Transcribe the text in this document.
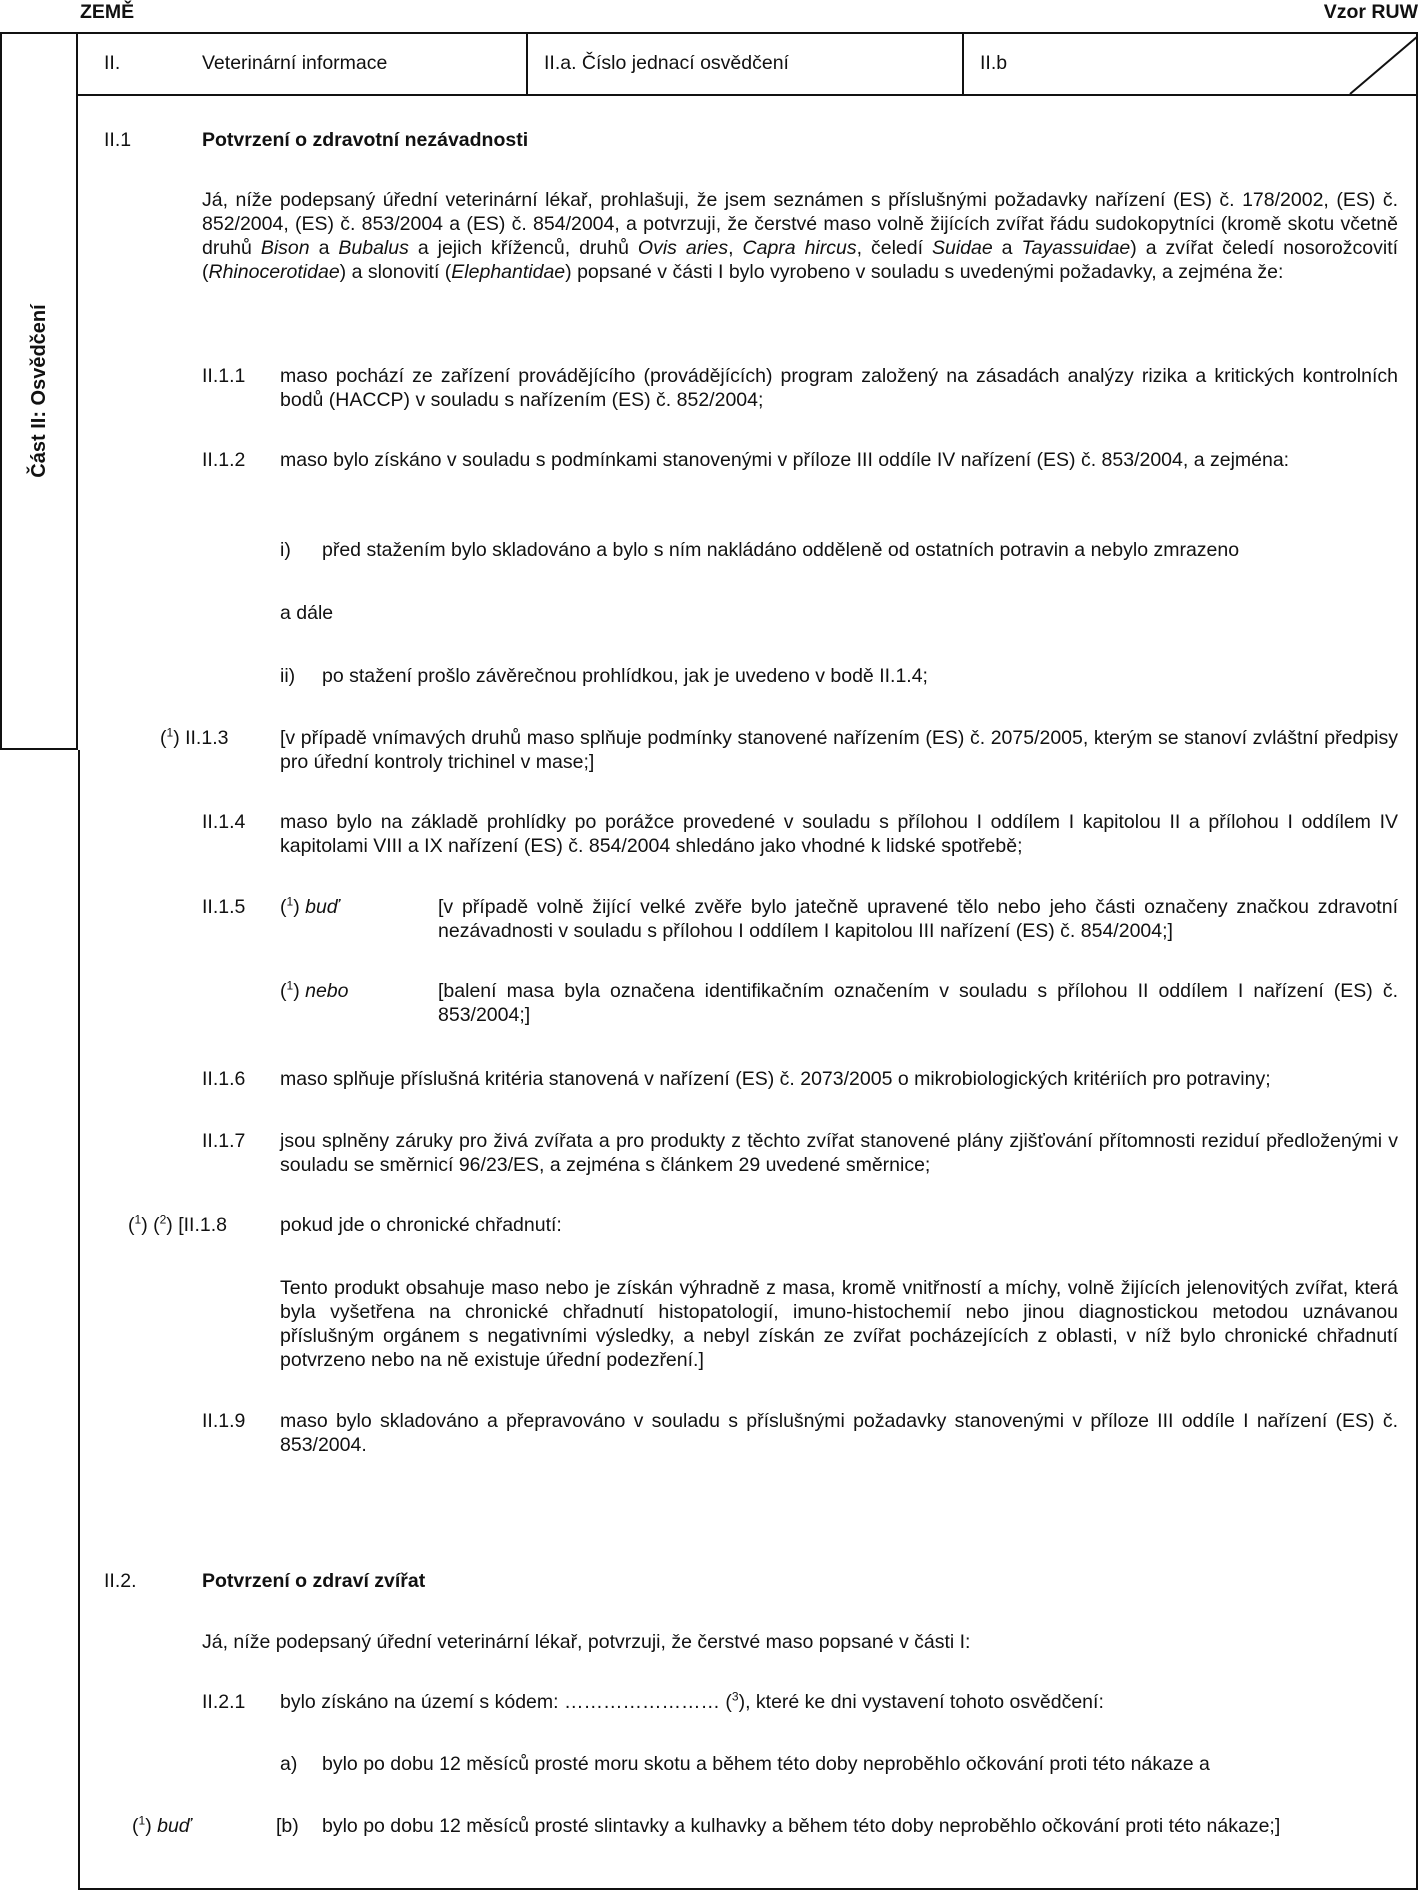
ZEMĚ	Vzor RUW
Část II: Osvědčení
II.	Veterinární informace	II.a. Číslo jednací osvědčení	II.b
II.1	Potvrzení o zdravotní nezávadnosti
Já, níže podepsaný úřední veterinární lékař, prohlašuji, že jsem seznámen s příslušnými požadavky nařízení (ES) č. 178/2002, (ES) č. 852/2004, (ES) č. 853/2004 a (ES) č. 854/2004, a potvrzuji, že čerstvé maso volně žijících zvířat řádu sudokopytníci (kromě skotu včetně druhů Bison a Bubalus a jejich kříženců, druhů Ovis aries, Capra hircus, čeledí Suidae a Tayassuidae) a zvířat čeledí nosorožcovití (Rhinocerotidae) a slonovití (Elephantidae) popsané v části I bylo vyrobeno v souladu s uvedenými požadavky, a zejména že:
II.1.1 maso pochází ze zařízení provádějícího (provádějících) program založený na zásadách analýzy rizika a kritických kontrolních bodů (HACCP) v souladu s nařízením (ES) č. 852/2004;
II.1.2 maso bylo získáno v souladu s podmínkami stanovenými v příloze III oddíle IV nařízení (ES) č. 853/2004, a zejména:
i) před stažením bylo skladováno a bylo s ním nakládáno odděleně od ostatních potravin a nebylo zmrazeno
a dále
ii) po stažení prošlo závěrečnou prohlídkou, jak je uvedeno v bodě II.1.4;
($^1$) II.1.3	[v případě vnímavých druhů maso splňuje podmínky stanovené nařízením (ES) č. 2075/2005, kterým se stanoví zvláštní předpisy pro úřední kontroly trichinel v mase;]
II.1.4 maso bylo na základě prohlídky po porážce provedené v souladu s přílohou I oddílem I kapitolou II a přílohou I oddílem IV kapitolami VIII a IX nařízení (ES) č. 854/2004 shledáno jako vhodné k lidské spotřebě;
II.1.5 ($^1$) buď	[v případě volně žijící velké zvěře bylo jatečně upravené tělo nebo jeho části označeny značkou zdravotní nezávadnosti v souladu s přílohou I oddílem I kapitolou III nařízení (ES) č. 854/2004;]
($^1$) nebo	[balení masa byla označena identifikačním označením v souladu s přílohou II oddílem I nařízení (ES) č. 853/2004;]
II.1.6 maso splňuje příslušná kritéria stanovená v nařízení (ES) č. 2073/2005 o mikrobiologických kritériích pro potraviny;
II.1.7 jsou splněny záruky pro živá zvířata a pro produkty z těchto zvířat stanovené plány zjišťování přítomnosti reziduí předloženými v souladu se směrnicí 96/23/ES, a zejména s článkem 29 uvedené směrnice;
($^1$) ($^2$) [II.1.8	pokud jde o chronické chřadnutí:
Tento produkt obsahuje maso nebo je získán výhradně z masa, kromě vnitřností a míchy, volně žijících jelenovitých zvířat, která byla vyšetřena na chronické chřadnutí histopatologií, imuno-histochemií nebo jinou diagnostickou metodou uznávanou příslušným orgánem s negativními výsledky, a nebyl získán ze zvířat pocházejících z oblasti, v níž bylo chronické chřadnutí potvrzeno nebo na ně existuje úřední podezření.]
II.1.9 maso bylo skladováno a přepravováno v souladu s příslušnými požadavky stanovenými v příloze III oddíle I nařízení (ES) č. 853/2004.
II.2.	Potvrzení o zdraví zvířat
Já, níže podepsaný úřední veterinární lékař, potvrzuji, že čerstvé maso popsané v části I:
II.2.1 bylo získáno na území s kódem: …………………… ($^3$), které ke dni vystavení tohoto osvědčení:
a) bylo po dobu 12 měsíců prosté moru skotu a během této doby neproběhlo očkování proti této nákaze a
($^1$) buď	[b) bylo po dobu 12 měsíců prosté slintavky a kulhavky a během této doby neproběhlo očkování proti této nákaze;]
